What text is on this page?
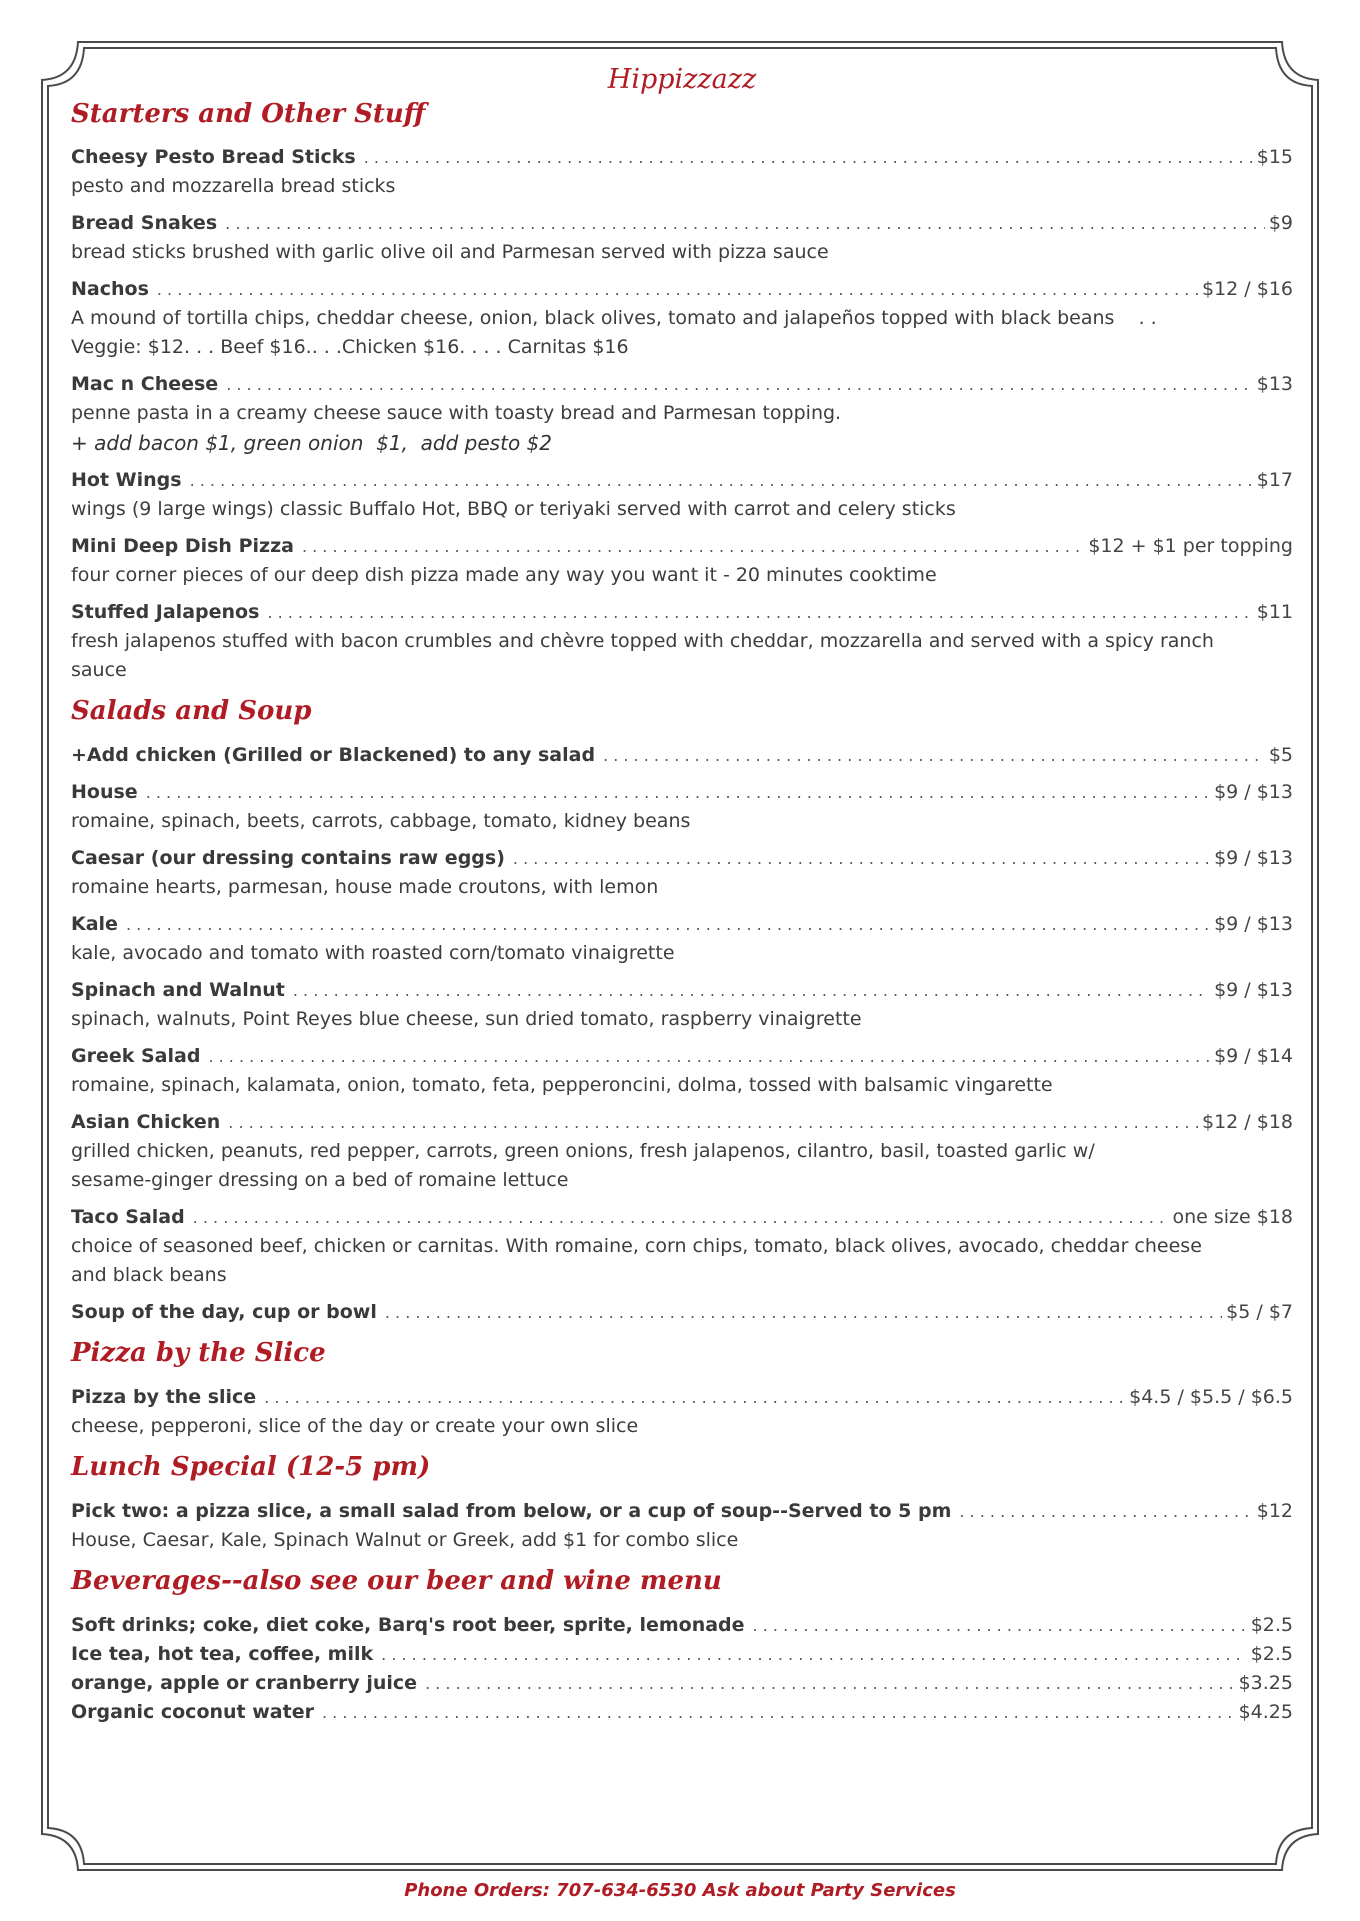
Hippizzazz
Starters and Other Stuff
Cheesy Pesto Bread Sticks . . .	$15
pesto and mozzarella bread sticks
Bread Snakes . . .	$9
bread sticks brushed with garlic olive oil and Parmesan served with pizza sauce
Nachos . . .	$12 / $16
A mound of tortilla chips, cheddar cheese, onion, black olives, tomato and jalapeños topped with black beans    . .
Veggie: $12. . . Beef $16.. . .Chicken $16. . . . Carnitas $16
Mac n Cheese . . .	$13
penne pasta in a creamy cheese sauce with toasty bread and Parmesan topping.
+ add bacon $1, green onion  $1,  add pesto $2
Hot Wings . . .	$17
wings (9 large wings) classic Buffalo Hot, BBQ or teriyaki served with carrot and celery sticks
Mini Deep Dish Pizza . . .	$12 + $1 per topping
four corner pieces of our deep dish pizza made any way you want it - 20 minutes cooktime
Stuffed Jalapenos . . .	$11
fresh jalapenos stuffed with bacon crumbles and chèvre topped with cheddar, mozzarella and served with a spicy ranch
sauce
Salads and Soup
+Add chicken (Grilled or Blackened) to any salad . . .	$5
House . . .	$9 / $13
romaine, spinach, beets, carrots, cabbage, tomato, kidney beans
Caesar (our dressing contains raw eggs) . . .	$9 / $13
romaine hearts, parmesan, house made croutons, with lemon
Kale . . .	$9 / $13
kale, avocado and tomato with roasted corn/tomato vinaigrette
Spinach and Walnut . . .	$9 / $13
spinach, walnuts, Point Reyes blue cheese, sun dried tomato, raspberry vinaigrette
Greek Salad . . .	$9 / $14
romaine, spinach, kalamata, onion, tomato, feta, pepperoncini, dolma, tossed with balsamic vingarette
Asian Chicken . . .	$12 / $18
grilled chicken, peanuts, red pepper, carrots, green onions, fresh jalapenos, cilantro, basil, toasted garlic w/
sesame-ginger dressing on a bed of romaine lettuce
Taco Salad . . .	one size $18
choice of seasoned beef, chicken or carnitas. With romaine, corn chips, tomato, black olives, avocado, cheddar cheese
and black beans
Soup of the day, cup or bowl . . .	$5 / $7
Pizza by the Slice
Pizza by the slice . . .	$4.5 / $5.5 / $6.5
cheese, pepperoni, slice of the day or create your own slice
Lunch Special (12-5 pm)
Pick two: a pizza slice, a small salad from below, or a cup of soup--Served to 5 pm . . .	$12
House, Caesar, Kale, Spinach Walnut or Greek, add $1 for combo slice
Beverages--also see our beer and wine menu
Soft drinks; coke, diet coke, Barq's root beer, sprite, lemonade . . .	$2.5
Ice tea, hot tea, coffee, milk . . .	$2.5
orange, apple or cranberry juice . . .	$3.25
Organic coconut water . . .	$4.25
Phone Orders: 707-634-6530 Ask about Party Services
